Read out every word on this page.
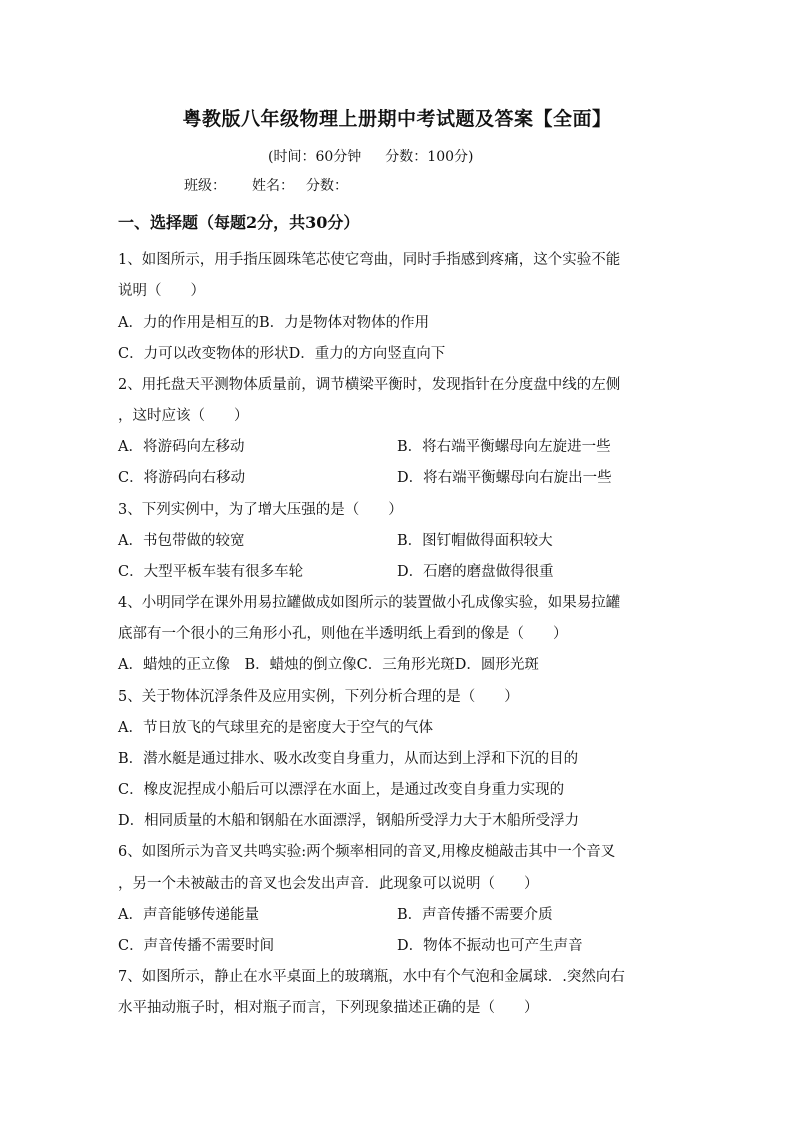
粤教版八年级物理上册期中考试题及答案【全面】
(时间：60分钟 分数：100分)
班级： 姓名： 分数：
一、选择题（每题2分，共30分）
1、如图所示，用手指压圆珠笔芯使它弯曲，同时手指感到疼痛，这个实验不能
说明（　　）
A．力的作用是相互的B．力是物体对物体的作用
C．力可以改变物体的形状D．重力的方向竖直向下
2、用托盘天平测物体质量前，调节横梁平衡时，发现指针在分度盘中线的左侧
，这时应该（　　）
A．将游码向左移动	B．将右端平衡螺母向左旋进一些
C．将游码向右移动	D．将右端平衡螺母向右旋出一些
3、下列实例中，为了增大压强的是（　　）
A．书包带做的较宽	B．图钉帽做得面积较大
C．大型平板车装有很多车轮	D．石磨的磨盘做得很重
4、小明同学在课外用易拉罐做成如图所示的装置做小孔成像实验，如果易拉罐
底部有一个很小的三角形小孔，则他在半透明纸上看到的像是（　　）
A．蜡烛的正立像　B．蜡烛的倒立像C．三角形光斑D．圆形光斑
5、关于物体沉浮条件及应用实例，下列分析合理的是（　　）
A．节日放飞的气球里充的是密度大于空气的气体
B．潜水艇是通过排水、吸水改变自身重力，从而达到上浮和下沉的目的
C．橡皮泥捏成小船后可以漂浮在水面上，是通过改变自身重力实现的
D．相同质量的木船和钢船在水面漂浮，钢船所受浮力大于木船所受浮力
6、如图所示为音叉共鸣实验:两个频率相同的音叉,用橡皮槌敲击其中一个音叉
，另一个未被敲击的音叉也会发出声音．此现象可以说明（　　）
A．声音能够传递能量	B．声音传播不需要介质
C．声音传播不需要时间	D．物体不振动也可产生声音
7、如图所示，静止在水平桌面上的玻璃瓶，水中有个气泡和金属球．.突然向右
水平抽动瓶子时，相对瓶子而言，下列现象描述正确的是（　　）
